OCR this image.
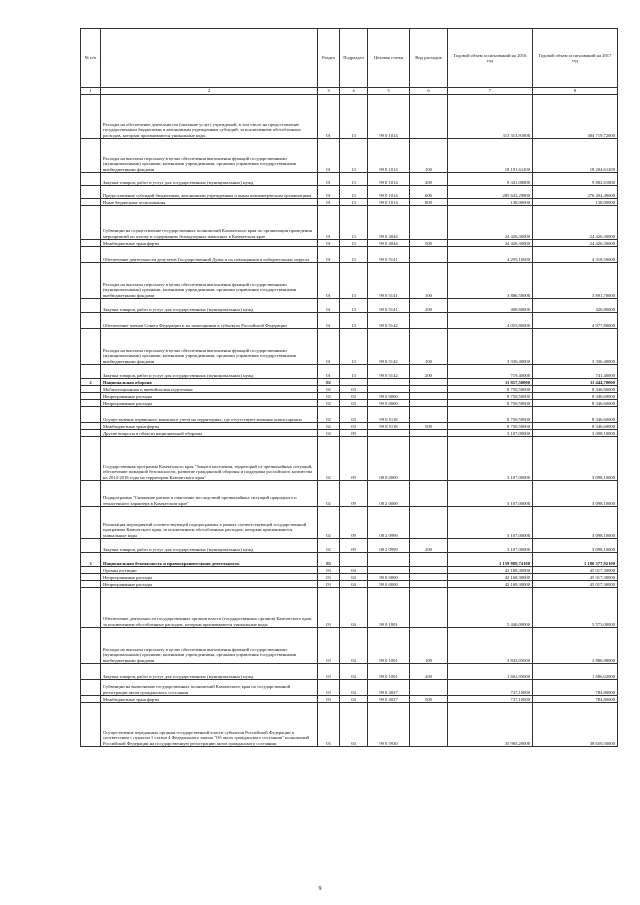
№ п/п		Раздел	Подраздел	Целевая статья	Вид расходов	Годовой объем ассигнований на 2016 год	Годовой объем ассигнований на 2017 год
1	2	3	4	5	6	7	8
	Расходы на обеспечение деятельности (оказание услуг) учреждений, в том числе на предоставление государственным бюджетным и автономным учреждениям субсидий, за исключением обособленных расходов, которым присваиваются уникальные коды	01	13	99 0 1014		313 313,91800	304 719,72000
	Расходы на выплаты персоналу в целях обеспечения выполнения функций государственными (муниципальными) органами, казенными учреждениями, органами управления государственными внебюджетными фондами	01	13	99 0 1014	100	18 191,61200	18 204,61200
	Закупка товаров, работ и услуг для государственных (муниципальных) нужд	01	13	99 0 1014	200	9 341,00800	9 882,61800
	Предоставление субсидий бюджетным, автономным учреждениям и иным некоммерческим организациям	01	13	99 0 1014	600	285 643,29800	276 494,49000
	Иные бюджетные ассигнования	01	13	99 0 1014	800	138,00000	138,00000
	Субвенции на осуществление государственных полномочий Камчатского края по организации проведения мероприятий по отлову и содержанию безнадзорных животных в Камчатском крае	01	13	99 0 4044		24 426,30000	24 426,30000
	Межбюджетные трансферты	01	13	99 0 4044	500	24 426,30000	24 426,30000
	Обеспечение деятельности депутатов Государственной Думы и их помощников в избирательных округах	01	13	99 0 5141		4 295,10000	4 318,50000
	Расходы на выплаты персоналу в целях обеспечения выполнения функций государственными (муниципальными) органами, казенными учреждениями, органами управления государственными внебюджетными фондами	01	13	99 0 5141	100	3 886,50000	3 891,70000
	Закупка товаров, работ и услуг для государственных (муниципальных) нужд	01	13	99 0 5141	200	408,60000	426,80000
	Обеспечение членов Совета Федерации и их помощников в субъектах Российской Федерации	01	13	99 0 5142		4 055,80000	4 077,80000
	Расходы на выплаты персоналу в целях обеспечения выполнения функций государственными (муниципальными) органами, казенными учреждениями, органами управления государственными внебюджетными фондами	01	13	99 0 5142	100	3 336,40000	3 336,40000
	Закупка товаров, работ и услуг для государственных (муниципальных) нужд	01	13	99 0 5142	200	719,40000	741,40000
2	Национальная оборона	02				11 857,50000	11 444,70000
	Мобилизационная и вневойсковая подготовка	02	03			8 750,50000	8 346,60000
	Непрограммные расходы	02	03	99 0 0000		8 750,50000	8 346,60000
	Непрограммные расходы	02	03	99 0 0000		8 750,50000	8 346,60000
	Осуществление первичного воинского учета на территориях, где отсутствуют военные комиссариаты	02	03	99 0 5118		8 750,50000	8 346,60000
	Межбюджетные трансферты	02	03	99 0 5118	500	8 750,50000	8 346,60000
	Другие вопросы в области национальной обороны	02	09			3 107,00000	3 098,10000
	Государственная программа Камчатского края "Защита населения, территорий от чрезвычайных ситуаций, обеспечение пожарной безопасности, развитие гражданской обороны и поддержка российского казачества на 2014-2018 годы на территории Камчатского края"	02	09	08 0 0000		3 107,00000	3 098,10000
	Подпрограмма "Снижение рисков и смягчение последствий чрезвычайных ситуаций природного и техногенного характера в Камчатском крае"	02	09	08 2 0000		3 107,00000	3 098,10000
	Реализация мероприятий соответствующей подпрограммы в рамках соответствующей государственной программы Камчатского края, за исключением обособленных расходов, которым присваиваются уникальные коды	02	09	08 2 0999		3 107,00000	3 098,10000
	Закупка товаров, работ и услуг для государственных (муниципальных) нужд	02	09	08 2 0999	200	3 107,00000	3 098,10000
3	Национальная безопасность и правоохранительная деятельность	03				1 159 889,74100	1 180 377,92100
	Органы юстиции	03	04			42 168,30000	45 017,30000
	Непрограммные расходы	03	04	99 0 0000		42 168,30000	45 017,30000
	Непрограммные расходы	03	04	99 0 0000		42 168,30000	45 017,30000
	Обеспечение деятельности государственных органов власти (государственных органов) Камчатского края, за исключением обособленных расходов, которым присваиваются уникальные коды	03	04	99 0 1001		5 446,00000	5 573,00000
	Расходы на выплаты персоналу в целях обеспечения выполнения функций государственными (муниципальными) органами, казенными учреждениями, органами управления государственными внебюджетными фондами	03	04	99 0 1001	100	3 843,05000	3 886,98000
	Закупка товаров, работ и услуг для государственных (муниципальных) нужд	03	04	99 0 1001	200	1 602,95000	1 686,02000
	Субвенции на выполнение государственных полномочий Камчатского края по государственной регистрации актов гражданского состояния	03	04	99 0 4027		737,10000	784,80000
	Межбюджетные трансферты	03	04	99 0 4027	500	737,10000	784,80000
	Осуществление переданных органам государственной власти субъектов Российской Федерации в соответствии с пунктом 1 статьи 4 Федерального закона "Об актах гражданского состояния" полномочий Российской Федерации на государственную регистрацию актов гражданского состояния	03	04	99 0 5930		35 985,20000	38 659,50000
9
